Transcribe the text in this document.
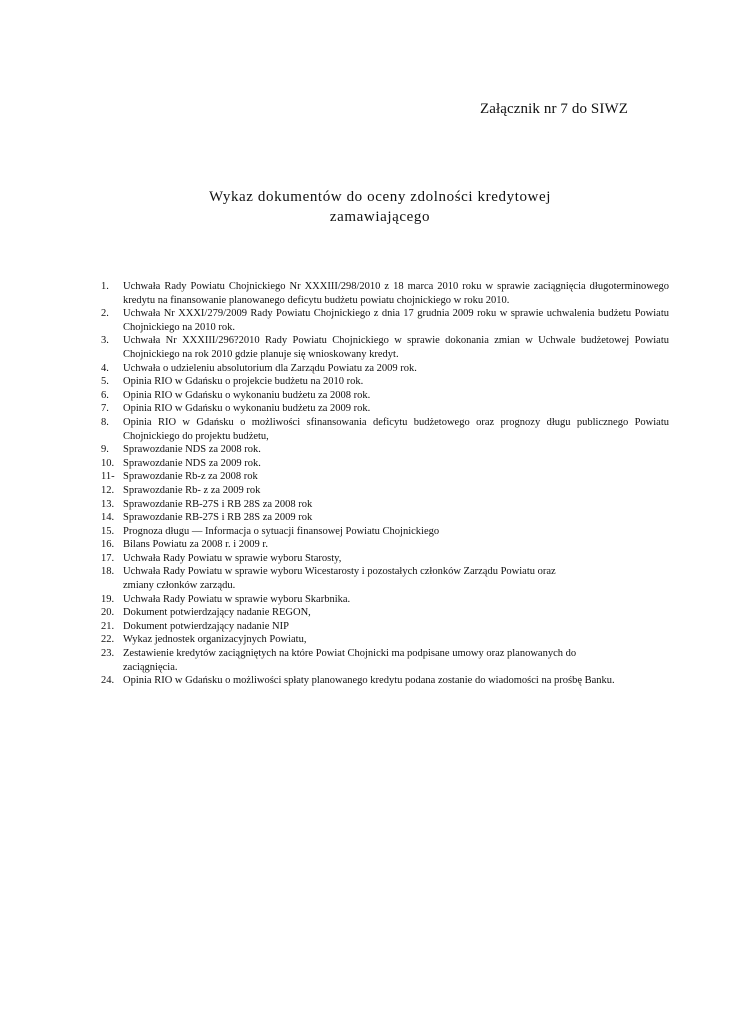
Załącznik nr 7 do SIWZ
Wykaz dokumentów do oceny zdolności kredytowej
zamawiającego
1.	Uchwała Rady Powiatu Chojnickiego Nr XXXIII/298/2010 z 18 marca 2010 roku w sprawie zaciągnięcia długoterminowego kredytu na finansowanie planowanego deficytu budżetu powiatu chojnickiego w roku 2010.
2.	Uchwała Nr XXXI/279/2009 Rady Powiatu Chojnickiego z dnia 17 grudnia 2009 roku w sprawie uchwalenia budżetu Powiatu Chojnickiego na 2010 rok.
3.	Uchwała Nr XXXIII/296?2010 Rady Powiatu Chojnickiego w sprawie dokonania zmian w Uchwale budżetowej Powiatu Chojnickiego na rok 2010 gdzie planuje się wnioskowany kredyt.
4.	Uchwała o udzieleniu absolutorium dla Zarządu Powiatu za 2009 rok.
5.	Opinia RIO w Gdańsku o projekcie budżetu na 2010 rok.
6.	Opinia RIO w Gdańsku o wykonaniu budżetu za 2008 rok.
7.	Opinia RIO w Gdańsku o wykonaniu budżetu za 2009 rok.
8.	Opinia RIO w Gdańsku o możliwości sfinansowania deficytu budżetowego oraz prognozy długu publicznego Powiatu Chojnickiego do projektu budżetu,
9.	Sprawozdanie NDS za 2008 rok.
10. Sprawozdanie NDS za 2009 rok.
11- Sprawozdanie Rb-z za 2008 rok
12. Sprawozdanie Rb- z za 2009 rok
13. Sprawozdanie RB-27S i RB 28S za 2008 rok
14. Sprawozdanie RB-27S i RB 28S za 2009 rok
15. Prognoza długu — Informacja o sytuacji finansowej Powiatu Chojnickiego
16. Bilans Powiatu za 2008 r. i 2009 r.
17. Uchwała Rady Powiatu w sprawie wyboru Starosty,
18. Uchwała Rady Powiatu w sprawie wyboru Wicestarosty i pozostałych członków Zarządu Powiatu oraz zmiany członków zarządu.
19. Uchwała Rady Powiatu w sprawie wyboru Skarbnika.
20. Dokument potwierdzający nadanie REGON,
21. Dokument potwierdzający nadanie NIP
22. Wykaz jednostek organizacyjnych Powiatu,
23. Zestawienie kredytów zaciągniętych na które Powiat Chojnicki ma podpisane umowy oraz planowanych do zaciągnięcia.
24. Opinia RIO w Gdańsku o możliwości spłaty planowanego kredytu podana zostanie do wiadomości na prośbę Banku.
